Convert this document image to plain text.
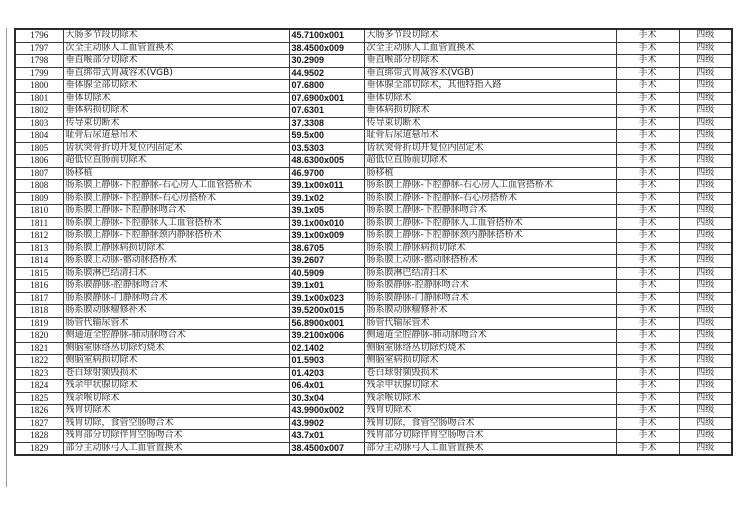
1796	大肠多节段切除术	45.7100x001	大肠多节段切除术	手术	四级
1797	次全主动脉人工血管置换术	38.4500x009	次全主动脉人工血管置换术	手术	四级
1798	垂直喉部分切除术	30.2909	垂直喉部分切除术	手术	四级
1799	垂直绑带式胃减容术(VGB)	44.9502	垂直绑带式胃减容术(VGB)	手术	四级
1800	垂体腺全部切除术	07.6800	垂体腺全部切除术，其他特指入路	手术	四级
1801	垂体切除术	07.6900x001	垂体切除术	手术	四级
1802	垂体病损切除术	07.6301	垂体病损切除术	手术	四级
1803	传导束切断术	37.3308	传导束切断术	手术	四级
1804	耻骨后尿道悬吊术	59.5x00	耻骨后尿道悬吊术	手术	四级
1805	齿状突骨折切开复位内固定术	03.5303	齿状突骨折切开复位内固定术	手术	四级
1806	超低位直肠前切除术	48.6300x005	超低位直肠前切除术	手术	四级
1807	肠移植	46.9700	肠移植	手术	四级
1808	肠系膜上静脉-下腔静脉-右心房人工血管搭桥术	39.1x00x011	肠系膜上静脉-下腔静脉-右心房人工血管搭桥术	手术	四级
1809	肠系膜上静脉-下腔静脉-右心房搭桥术	39.1x02	肠系膜上静脉-下腔静脉-右心房搭桥术	手术	四级
1810	肠系膜上静脉-下腔静脉吻合术	39.1x05	肠系膜上静脉-下腔静脉吻合术	手术	四级
1811	肠系膜上静脉-下腔静脉人工血管搭桥术	39.1x00x010	肠系膜上静脉-下腔静脉人工血管搭桥术	手术	四级
1812	肠系膜上静脉-下腔静脉颈内静脉搭桥术	39.1x00x009	肠系膜上静脉-下腔静脉颈内静脉搭桥术	手术	四级
1813	肠系膜上静脉病损切除术	38.6705	肠系膜上静脉病损切除术	手术	四级
1814	肠系膜上动脉-髂动脉搭桥术	39.2607	肠系膜上动脉-髂动脉搭桥术	手术	四级
1815	肠系膜淋巴结清扫术	40.5909	肠系膜淋巴结清扫术	手术	四级
1816	肠系膜静脉-腔静脉吻合术	39.1x01	肠系膜静脉-腔静脉吻合术	手术	四级
1817	肠系膜静脉-门静脉吻合术	39.1x00x023	肠系膜静脉-门静脉吻合术	手术	四级
1818	肠系膜动脉瘤修补术	39.5200x015	肠系膜动脉瘤修补术	手术	四级
1819	肠管代输尿管术	56.8900x001	肠管代输尿管术	手术	四级
1820	侧通道全腔静脉-肺动脉吻合术	39.2100x006	侧通道全腔静脉-肺动脉吻合术	手术	四级
1821	侧脑室脉络丛切除灼烧术	02.1402	侧脑室脉络丛切除灼烧术	手术	四级
1822	侧脑室病损切除术	01.5903	侧脑室病损切除术	手术	四级
1823	苍白球射频毁损术	01.4203	苍白球射频毁损术	手术	四级
1824	残余甲状腺切除术	06.4x01	残余甲状腺切除术	手术	四级
1825	残余喉切除术	30.3x04	残余喉切除术	手术	四级
1826	残胃切除术	43.9900x002	残胃切除术	手术	四级
1827	残胃切除，食管空肠吻合术	43.9902	残胃切除，食管空肠吻合术	手术	四级
1828	残胃部分切除伴胃空肠吻合术	43.7x01	残胃部分切除伴胃空肠吻合术	手术	四级
1829	部分主动脉弓人工血管置换术	38.4500x007	部分主动脉弓人工血管置换术	手术	四级
